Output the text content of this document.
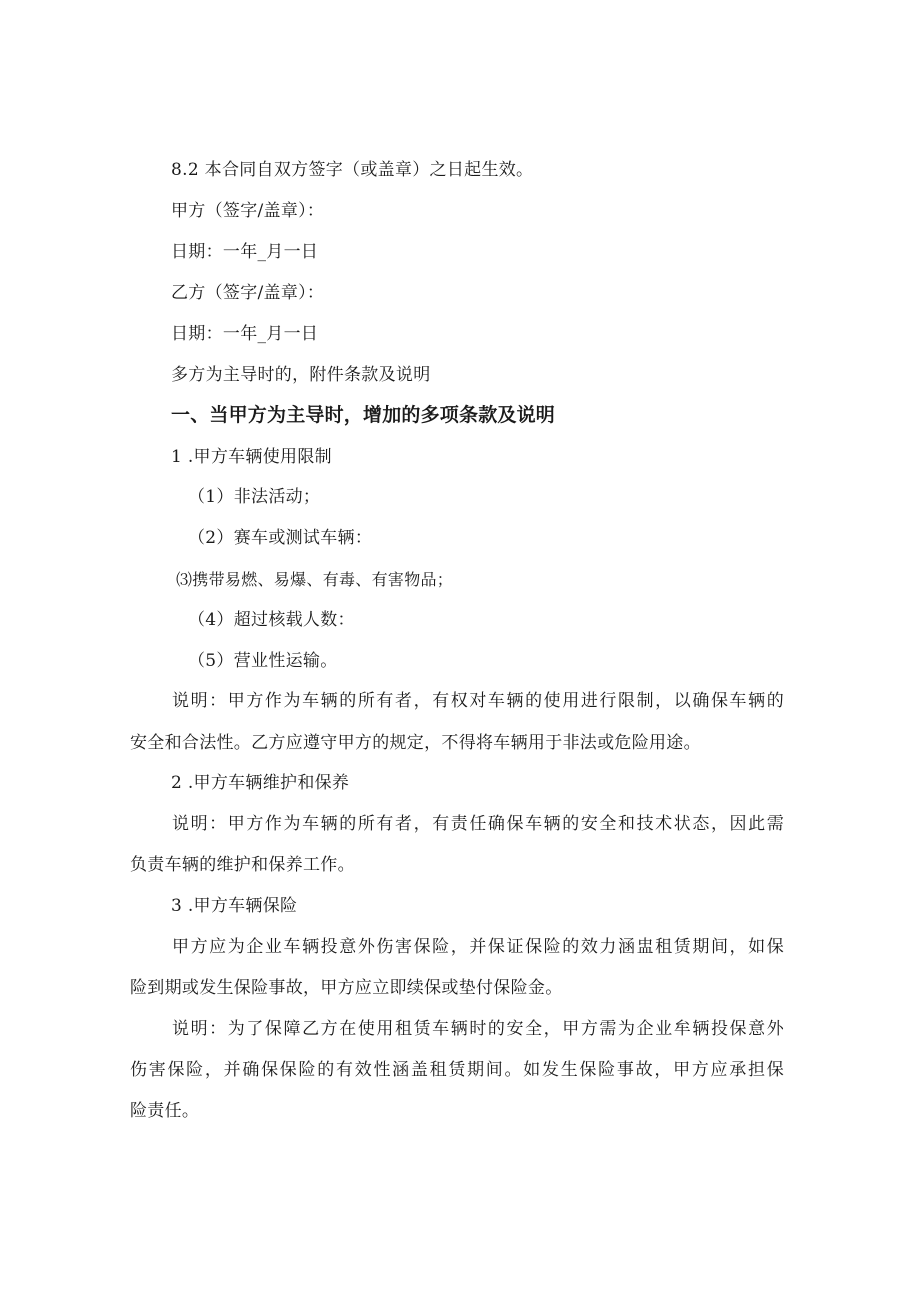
8.2 本合同自双方签字（或盖章）之日起生效。
甲方（签字/盖章）：
日期：一年_月一日
乙方（签字/盖章）：
日期：一年_月一日
多方为主导时的，附件条款及说明
一、当甲方为主导时，增加的多项条款及说明
1 .甲方车辆使用限制
（1）非法活动；
（2）赛车或测试车辆：
⑶携带易燃、易爆、有毒、有害物品；
（4）超过核载人数：
（5）营业性运输。
说明：甲方作为车辆的所有者，有权对车辆的使用进行限制，以确保车辆的
安全和合法性。乙方应遵守甲方的规定，不得将车辆用于非法或危险用途。
2 .甲方车辆维护和保养
说明：甲方作为车辆的所有者，有责任确保车辆的安全和技术状态，因此需
负责车辆的维护和保养工作。
3 .甲方车辆保险
甲方应为企业车辆投意外伤害保险，并保证保险的效力涵盅租赁期间，如保
险到期或发生保险事故，甲方应立即续保或垫付保险金。
说明：为了保障乙方在使用租赁车辆时的安全，甲方需为企业牟辆投保意外
伤害保险，并确保保险的有效性涵盖租赁期间。如发生保险事故，甲方应承担保
险责任。
